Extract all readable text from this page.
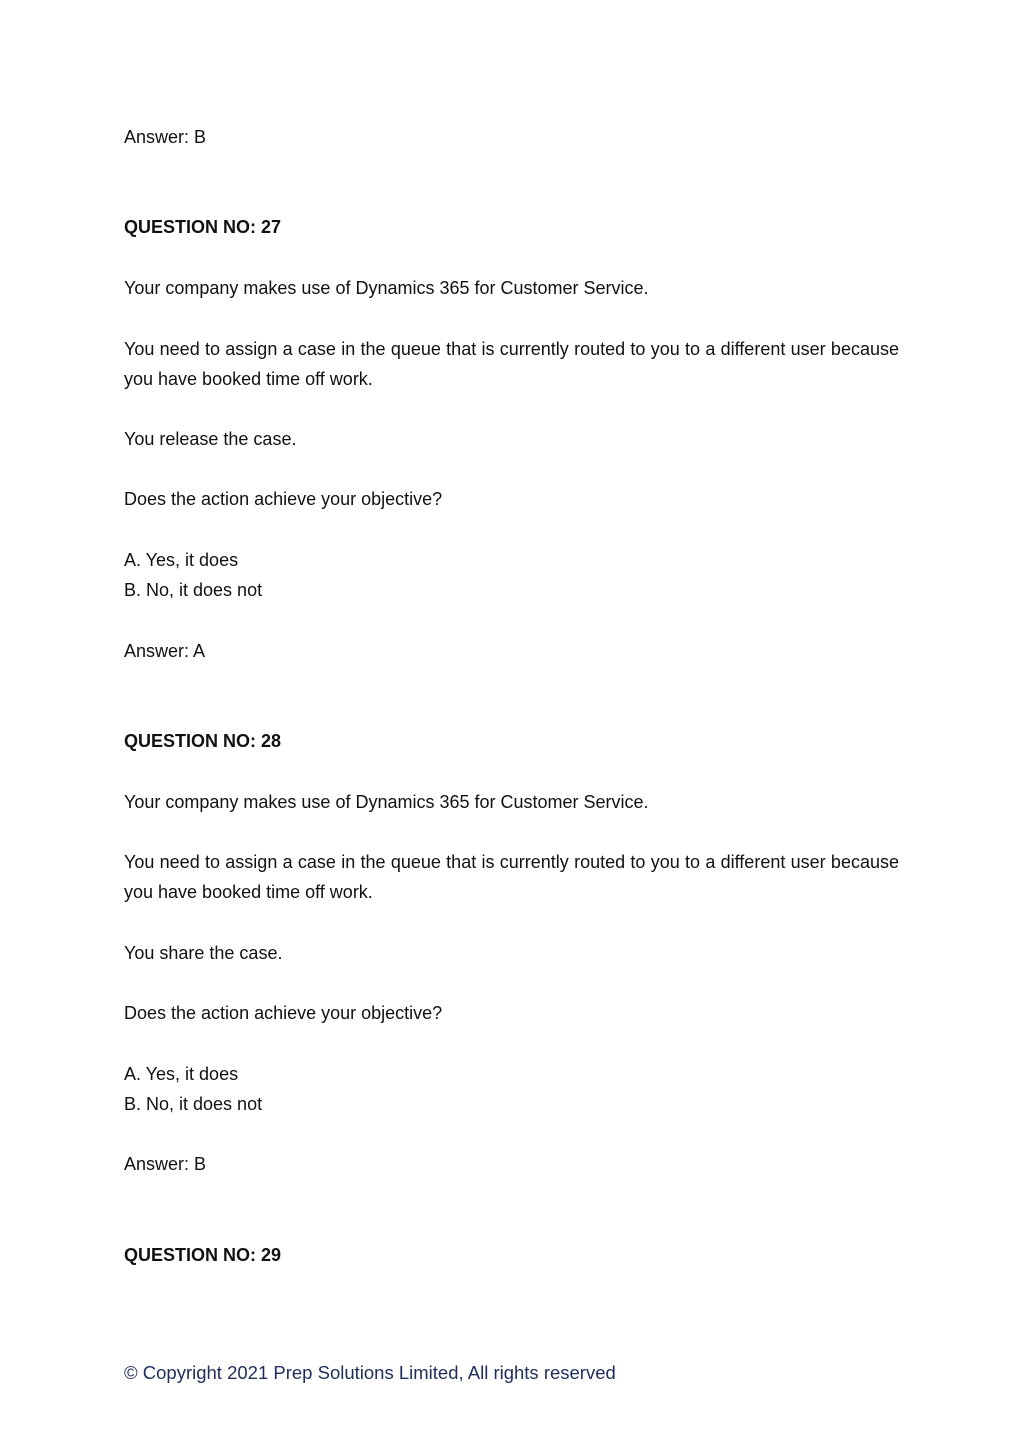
Answer: B
QUESTION NO: 27
Your company makes use of Dynamics 365 for Customer Service.
You need to assign a case in the queue that is currently routed to you to a different user because you have booked time off work.
You release the case.
Does the action achieve your objective?
A. Yes, it does
B. No, it does not
Answer: A
QUESTION NO: 28
Your company makes use of Dynamics 365 for Customer Service.
You need to assign a case in the queue that is currently routed to you to a different user because you have booked time off work.
You share the case.
Does the action achieve your objective?
A. Yes, it does
B. No, it does not
Answer: B
QUESTION NO: 29
© Copyright 2021 Prep Solutions Limited, All rights reserved
